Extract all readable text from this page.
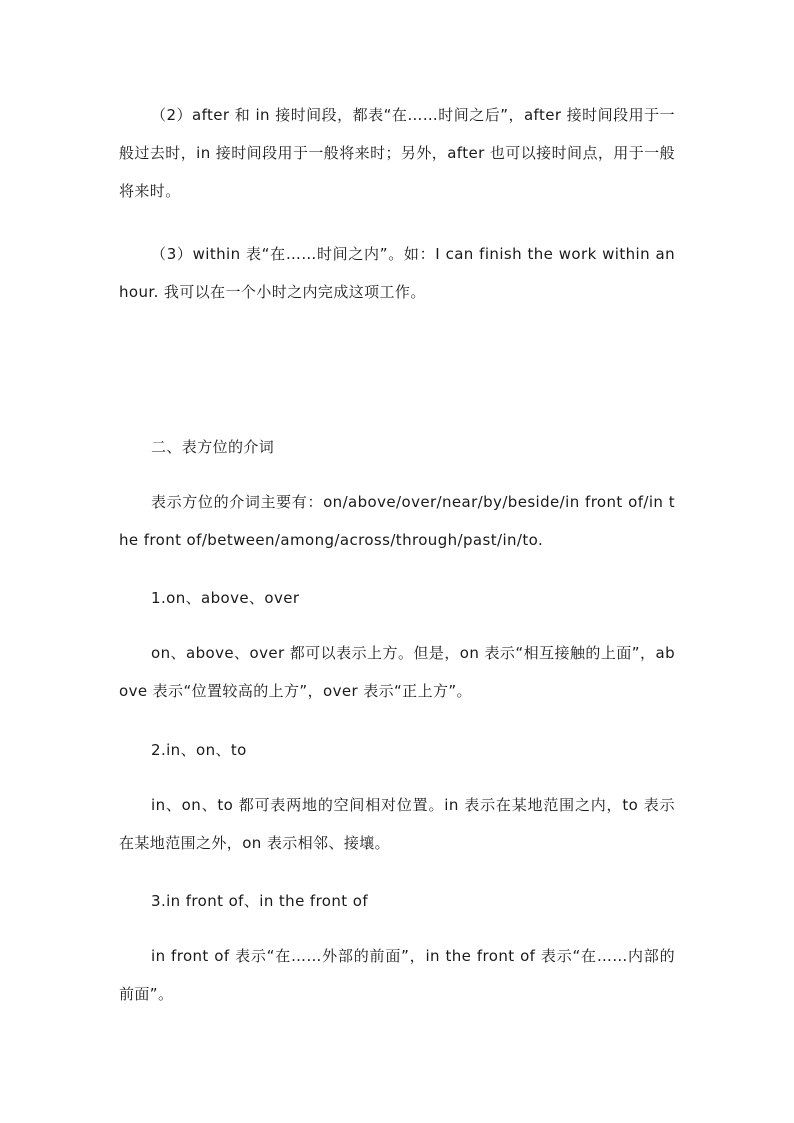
（2）after 和 in 接时间段，都表“在……时间之后”，after 接时间段用于一般过去时，in 接时间段用于一般将来时；另外，after 也可以接时间点，用于一般将来时。

（3）within 表“在……时间之内”。如：I can finish the work within an hour. 我可以在一个小时之内完成这项工作。

二、表方位的介词

表示方位的介词主要有：on/above/over/near/by/beside/in front of/in the front of/between/among/across/through/past/in/to.

1.on、above、over

on、above、over 都可以表示上方。但是，on 表示“相互接触的上面”，above 表示“位置较高的上方”，over 表示“正上方”。

2.in、on、to

in、on、to 都可表两地的空间相对位置。in 表示在某地范围之内，to 表示在某地范围之外，on 表示相邻、接壤。

3.in front of、in the front of

in front of 表示“在……外部的前面”，in the front of 表示“在……内部的前面”。
